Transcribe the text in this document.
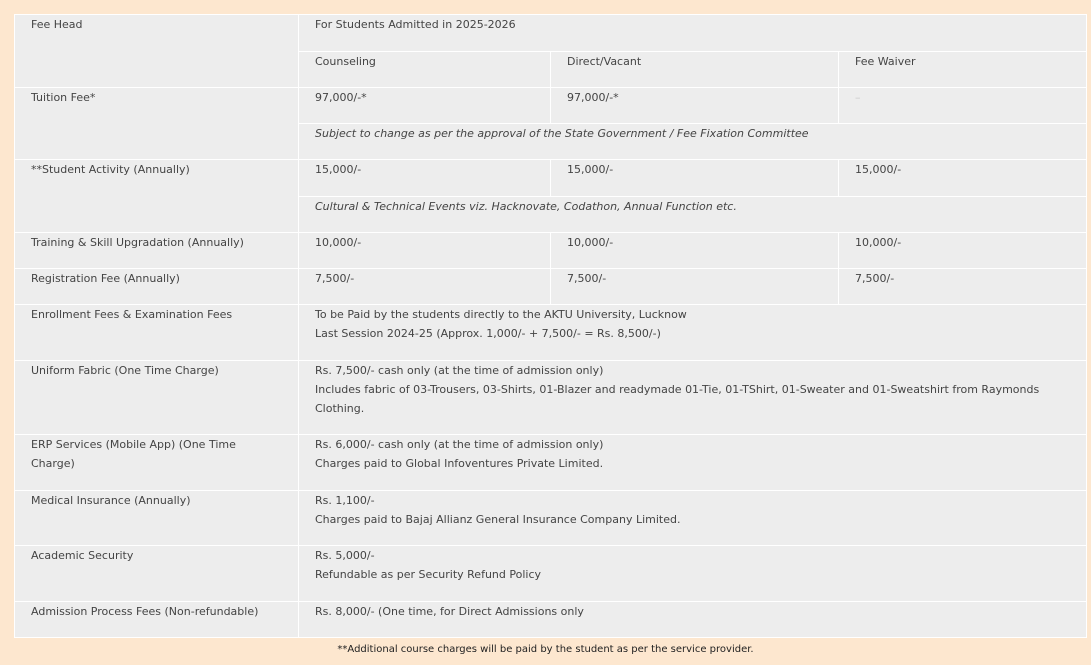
Fee Head	For Students Admitted in 2025-2026		
	Counseling	Direct/Vacant	Fee Waiver
Tuition Fee*	97,000/-*	97,000/-*	–
	Subject to change as per the approval of the State Government / Fee Fixation Committee		
**Student Activity (Annually)	15,000/-	15,000/-	15,000/-
	Cultural & Technical Events viz. Hacknovate, Codathon, Annual Function etc.		
Training & Skill Upgradation (Annually)	10,000/-	10,000/-	10,000/-
Registration Fee (Annually)	7,500/-	7,500/-	7,500/-
Enrollment Fees & Examination Fees	To be Paid by the students directly to the AKTU University, Lucknow
Last Session 2024-25 (Approx. 1,000/- + 7,500/- = Rs. 8,500/-)		

Uniform Fabric (One Time Charge)	Rs. 7,500/- cash only (at the time of admission only)
Includes fabric of 03-Trousers, 03-Shirts, 01-Blazer and readymade 01-Tie, 01-TShirt, 01-Sweater and 01-Sweatshirt from Raymonds Clothing.		

ERP Services (Mobile App) (One Time Charge)	Rs. 6,000/- cash only (at the time of admission only)
Charges paid to Global Infoventures Private Limited.		

Medical Insurance (Annually)	Rs. 1,100/-
Charges paid to Bajaj Allianz General Insurance Company Limited.		

Academic Security	Rs. 5,000/-
Refundable as per Security Refund Policy		

Admission Process Fees (Non-refundable)	Rs. 8,000/- (One time, for Direct Admissions only		
**Additional course charges will be paid by the student as per the service provider.
